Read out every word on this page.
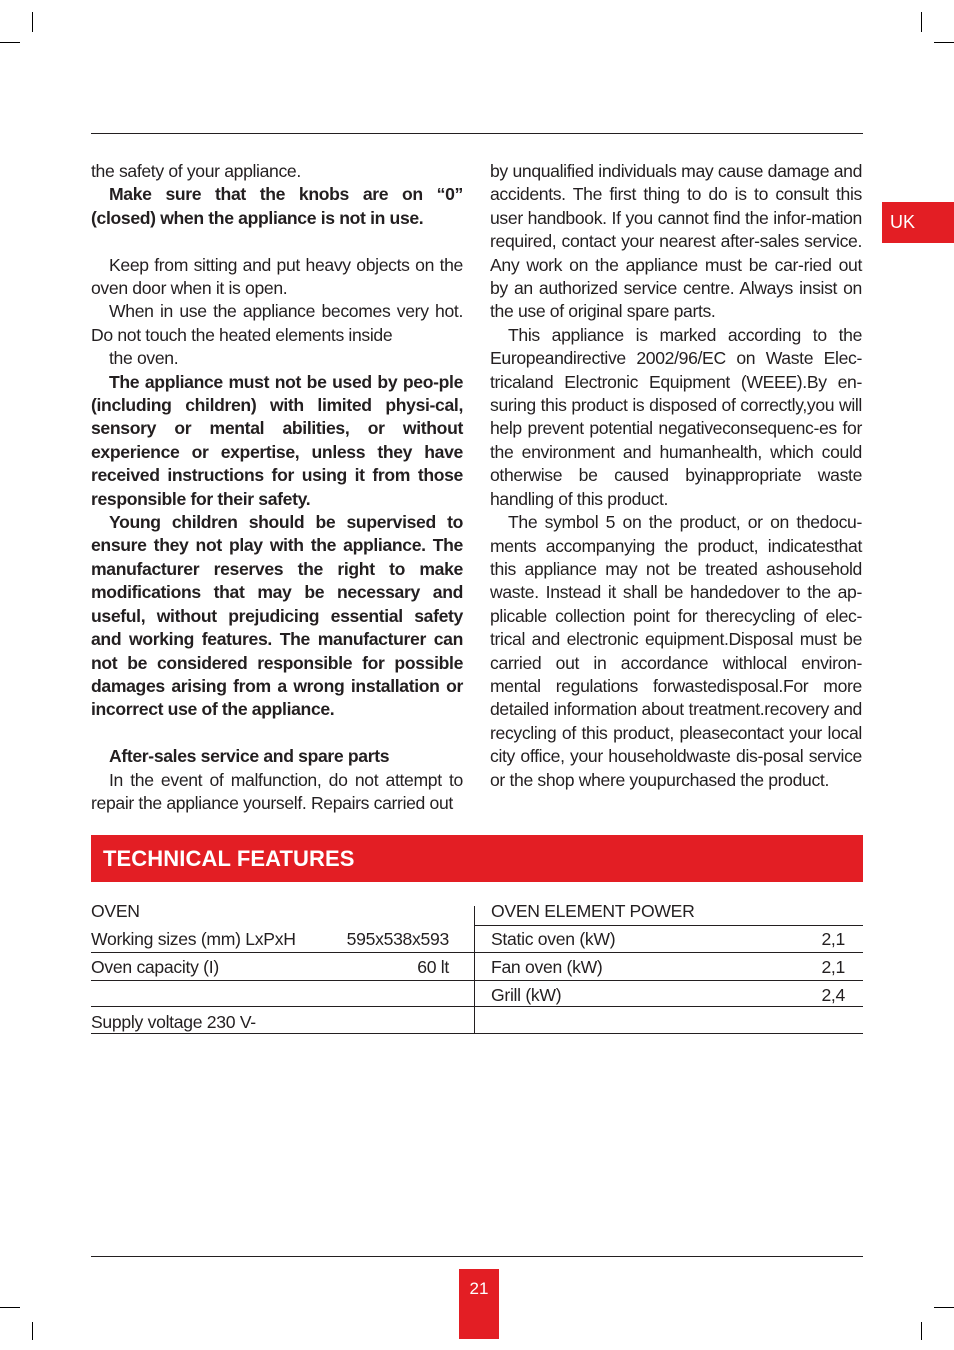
UK

the safety of your appliance.

Make sure that the knobs are on “0” (closed) when the appliance is not in use.

Keep from sitting and put heavy objects on the oven door when it is open.

When in use the appliance becomes very hot. Do not touch the heated elements inside

the oven.

The appliance must not be used by peo-ple (including children) with limited physi-cal, sensory or mental abilities, or without experience or expertise, unless they have received instructions for using it from those responsible for their safety.

Young children should be supervised to ensure they not play with the appliance. The manufacturer reserves the right to make modifications that may be necessary and useful, without prejudicing essential safety and working features. The manufacturer can not be considered responsible for possible damages arising from a wrong installation or incorrect use of the appliance.

After-sales service and spare parts

In the event of malfunction, do not attempt to repair the appliance yourself. Repairs carried out

by unqualified individuals may cause damage and accidents. The first thing to do is to consult this user handbook. If you cannot find the infor-mation required, contact your nearest after-sales service. Any work on the appliance must be car-ried out by an authorized service centre. Always insist on the use of original spare parts.

This appliance is marked according to the Europeandirective 2002/96/EC on Waste Elec-tricaland Electronic Equipment (WEEE).By en-suring this product is disposed of correctly,you will help prevent potential negativeconsequenc-es for the environment and humanhealth, which could otherwise be caused byinappropriate waste handling of this product.

The symbol 5 on the product, or on thedocu-ments accompanying the product, indicatesthat this appliance may not be treated ashousehold waste. Instead it shall be handedover to the ap-plicable collection point for therecycling of elec-trical and electronic equipment.Disposal must be carried out in accordance withlocal environ-mental regulations forwastedisposal.For more detailed information about treatment.recovery and recycling of this product, pleasecontact your local city office, your householdwaste dis-posal service or the shop where youpurchased the product.

TECHNICAL FEATURES
OVEN
Working sizes (mm) LxPxH	595x538x593
Oven capacity (I)	60 lt
Supply voltage 230 V-
OVEN ELEMENT POWER
Static oven (kW)	2,1
Fan oven (kW)	2,1
Grill (kW)	2,4
21
